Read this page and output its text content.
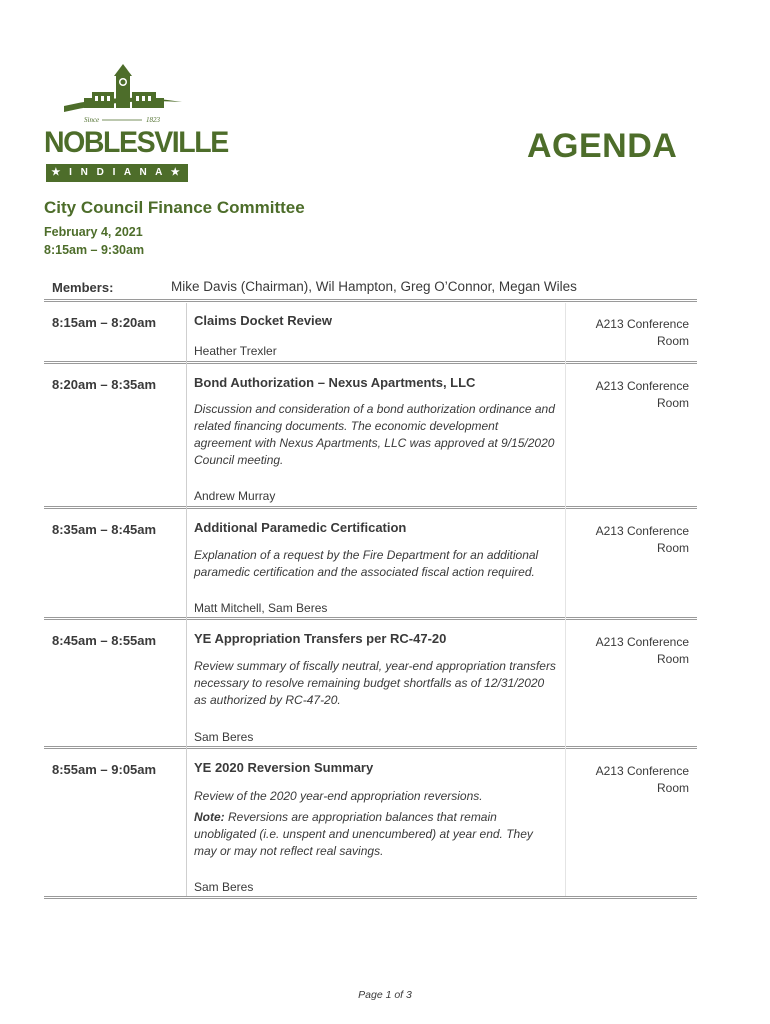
Since	1823
NOBLESVILLE
★ I N D I A N A ★
AGENDA
City Council Finance Committee
February 4, 2021
8:15am – 9:30am
Members:	Mike Davis (Chairman), Wil Hampton, Greg O’Connor, Megan Wiles
8:15am – 8:20am	Claims Docket Review	A213 Conference Room
Heather Trexler
8:20am – 8:35am	Bond Authorization – Nexus Apartments, LLC	A213 Conference Room
Discussion and consideration of a bond authorization ordinance and related financing documents. The economic development agreement with Nexus Apartments, LLC was approved at 9/15/2020 Council meeting.
Andrew Murray
8:35am – 8:45am	Additional Paramedic Certification	A213 Conference Room
Explanation of a request by the Fire Department for an additional paramedic certification and the associated fiscal action required.
Matt Mitchell, Sam Beres
8:45am – 8:55am	YE Appropriation Transfers per RC-47-20	A213 Conference Room
Review summary of fiscally neutral, year-end appropriation transfers necessary to resolve remaining budget shortfalls as of 12/31/2020 as authorized by RC-47-20.
Sam Beres
8:55am – 9:05am	YE 2020 Reversion Summary	A213 Conference Room
Review of the 2020 year-end appropriation reversions.
Note: Reversions are appropriation balances that remain unobligated (i.e. unspent and unencumbered) at year end. They may or may not reflect real savings.
Sam Beres
Page 1 of 3
